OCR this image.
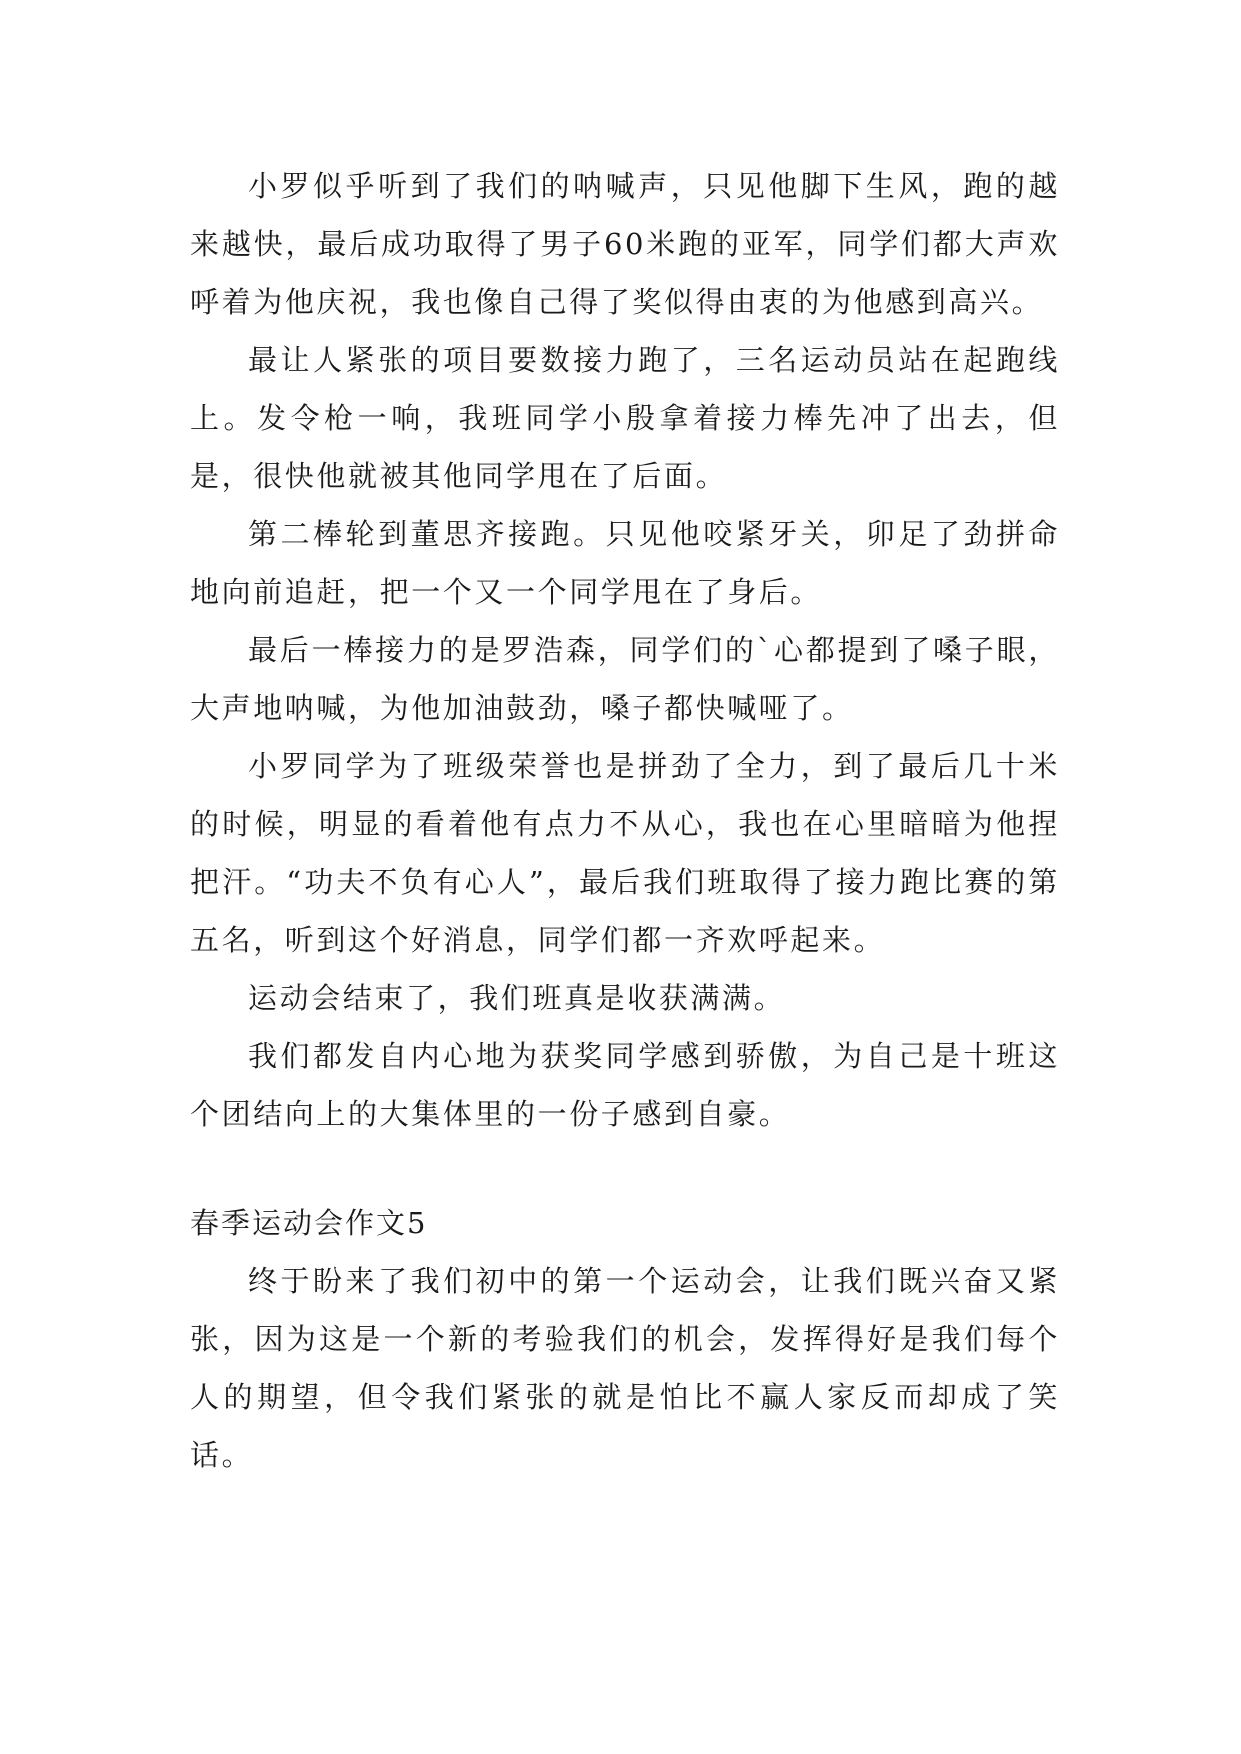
小罗似乎听到了我们的呐喊声，只见他脚下生风，跑的越来越快，最后成功取得了男子60米跑的亚军，同学们都大声欢呼着为他庆祝，我也像自己得了奖似得由衷的为他感到高兴。

最让人紧张的项目要数接力跑了，三名运动员站在起跑线上。发令枪一响，我班同学小殷拿着接力棒先冲了出去，但是，很快他就被其他同学甩在了后面。

第二棒轮到董思齐接跑。只见他咬紧牙关，卯足了劲拼命地向前追赶，把一个又一个同学甩在了身后。

最后一棒接力的是罗浩森，同学们的`心都提到了嗓子眼，大声地呐喊，为他加油鼓劲，嗓子都快喊哑了。

小罗同学为了班级荣誉也是拼劲了全力，到了最后几十米的时候，明显的看着他有点力不从心，我也在心里暗暗为他捏把汗。“功夫不负有心人”，最后我们班取得了接力跑比赛的第五名，听到这个好消息，同学们都一齐欢呼起来。

运动会结束了，我们班真是收获满满。

我们都发自内心地为获奖同学感到骄傲，为自己是十班这个团结向上的大集体里的一份子感到自豪。

春季运动会作文5

终于盼来了我们初中的第一个运动会，让我们既兴奋又紧张，因为这是一个新的考验我们的机会，发挥得好是我们每个人的期望，但令我们紧张的就是怕比不赢人家反而却成了笑话。
